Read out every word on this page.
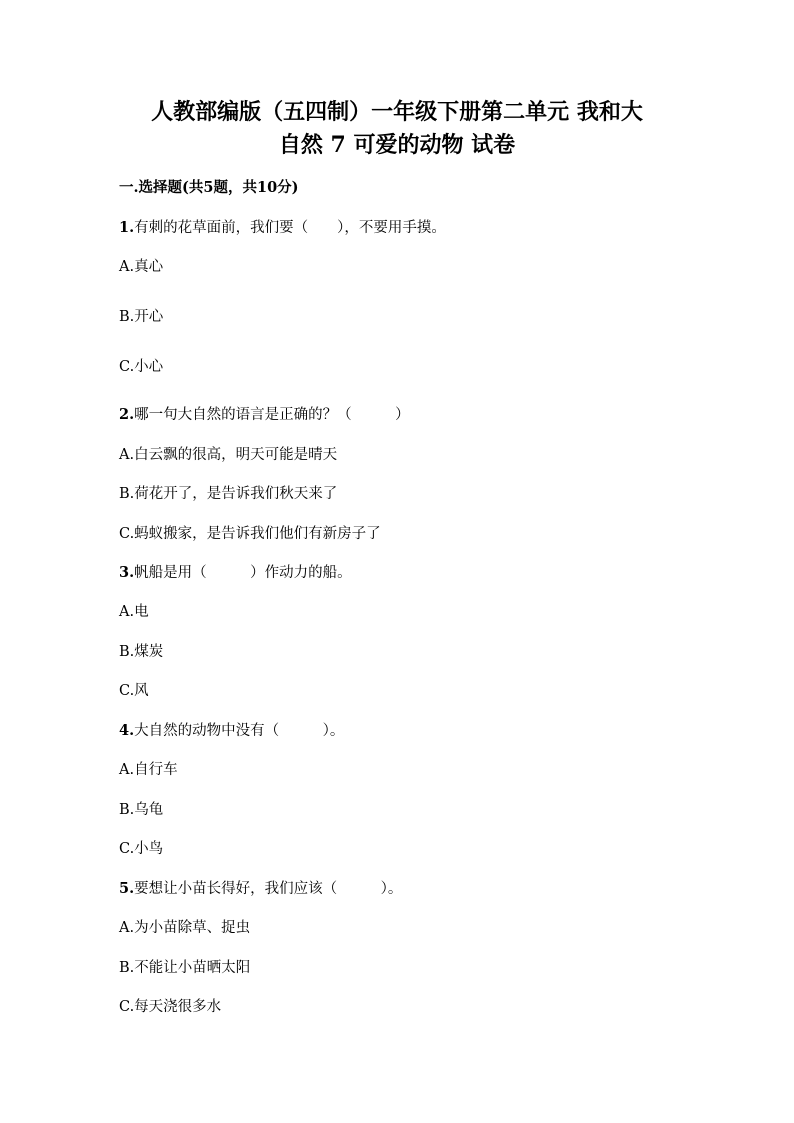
人教部编版（五四制）一年级下册第二单元 我和大
自然 7 可爱的动物 试卷
一.选择题(共5题，共10分)
1.有刺的花草面前，我们要（　　），不要用手摸。
A.真心
B.开心
C.小心
2.哪一句大自然的语言是正确的？（　　　）
A.白云飘的很高，明天可能是晴天
B.荷花开了，是告诉我们秋天来了
C.蚂蚁搬家，是告诉我们他们有新房子了
3.帆船是用（　　　）作动力的船。
A.电
B.煤炭
C.风
4.大自然的动物中没有（　　　）。
A.自行车
B.乌龟
C.小鸟
5.要想让小苗长得好，我们应该（　　　）。
A.为小苗除草、捉虫
B.不能让小苗晒太阳
C.每天浇很多水
